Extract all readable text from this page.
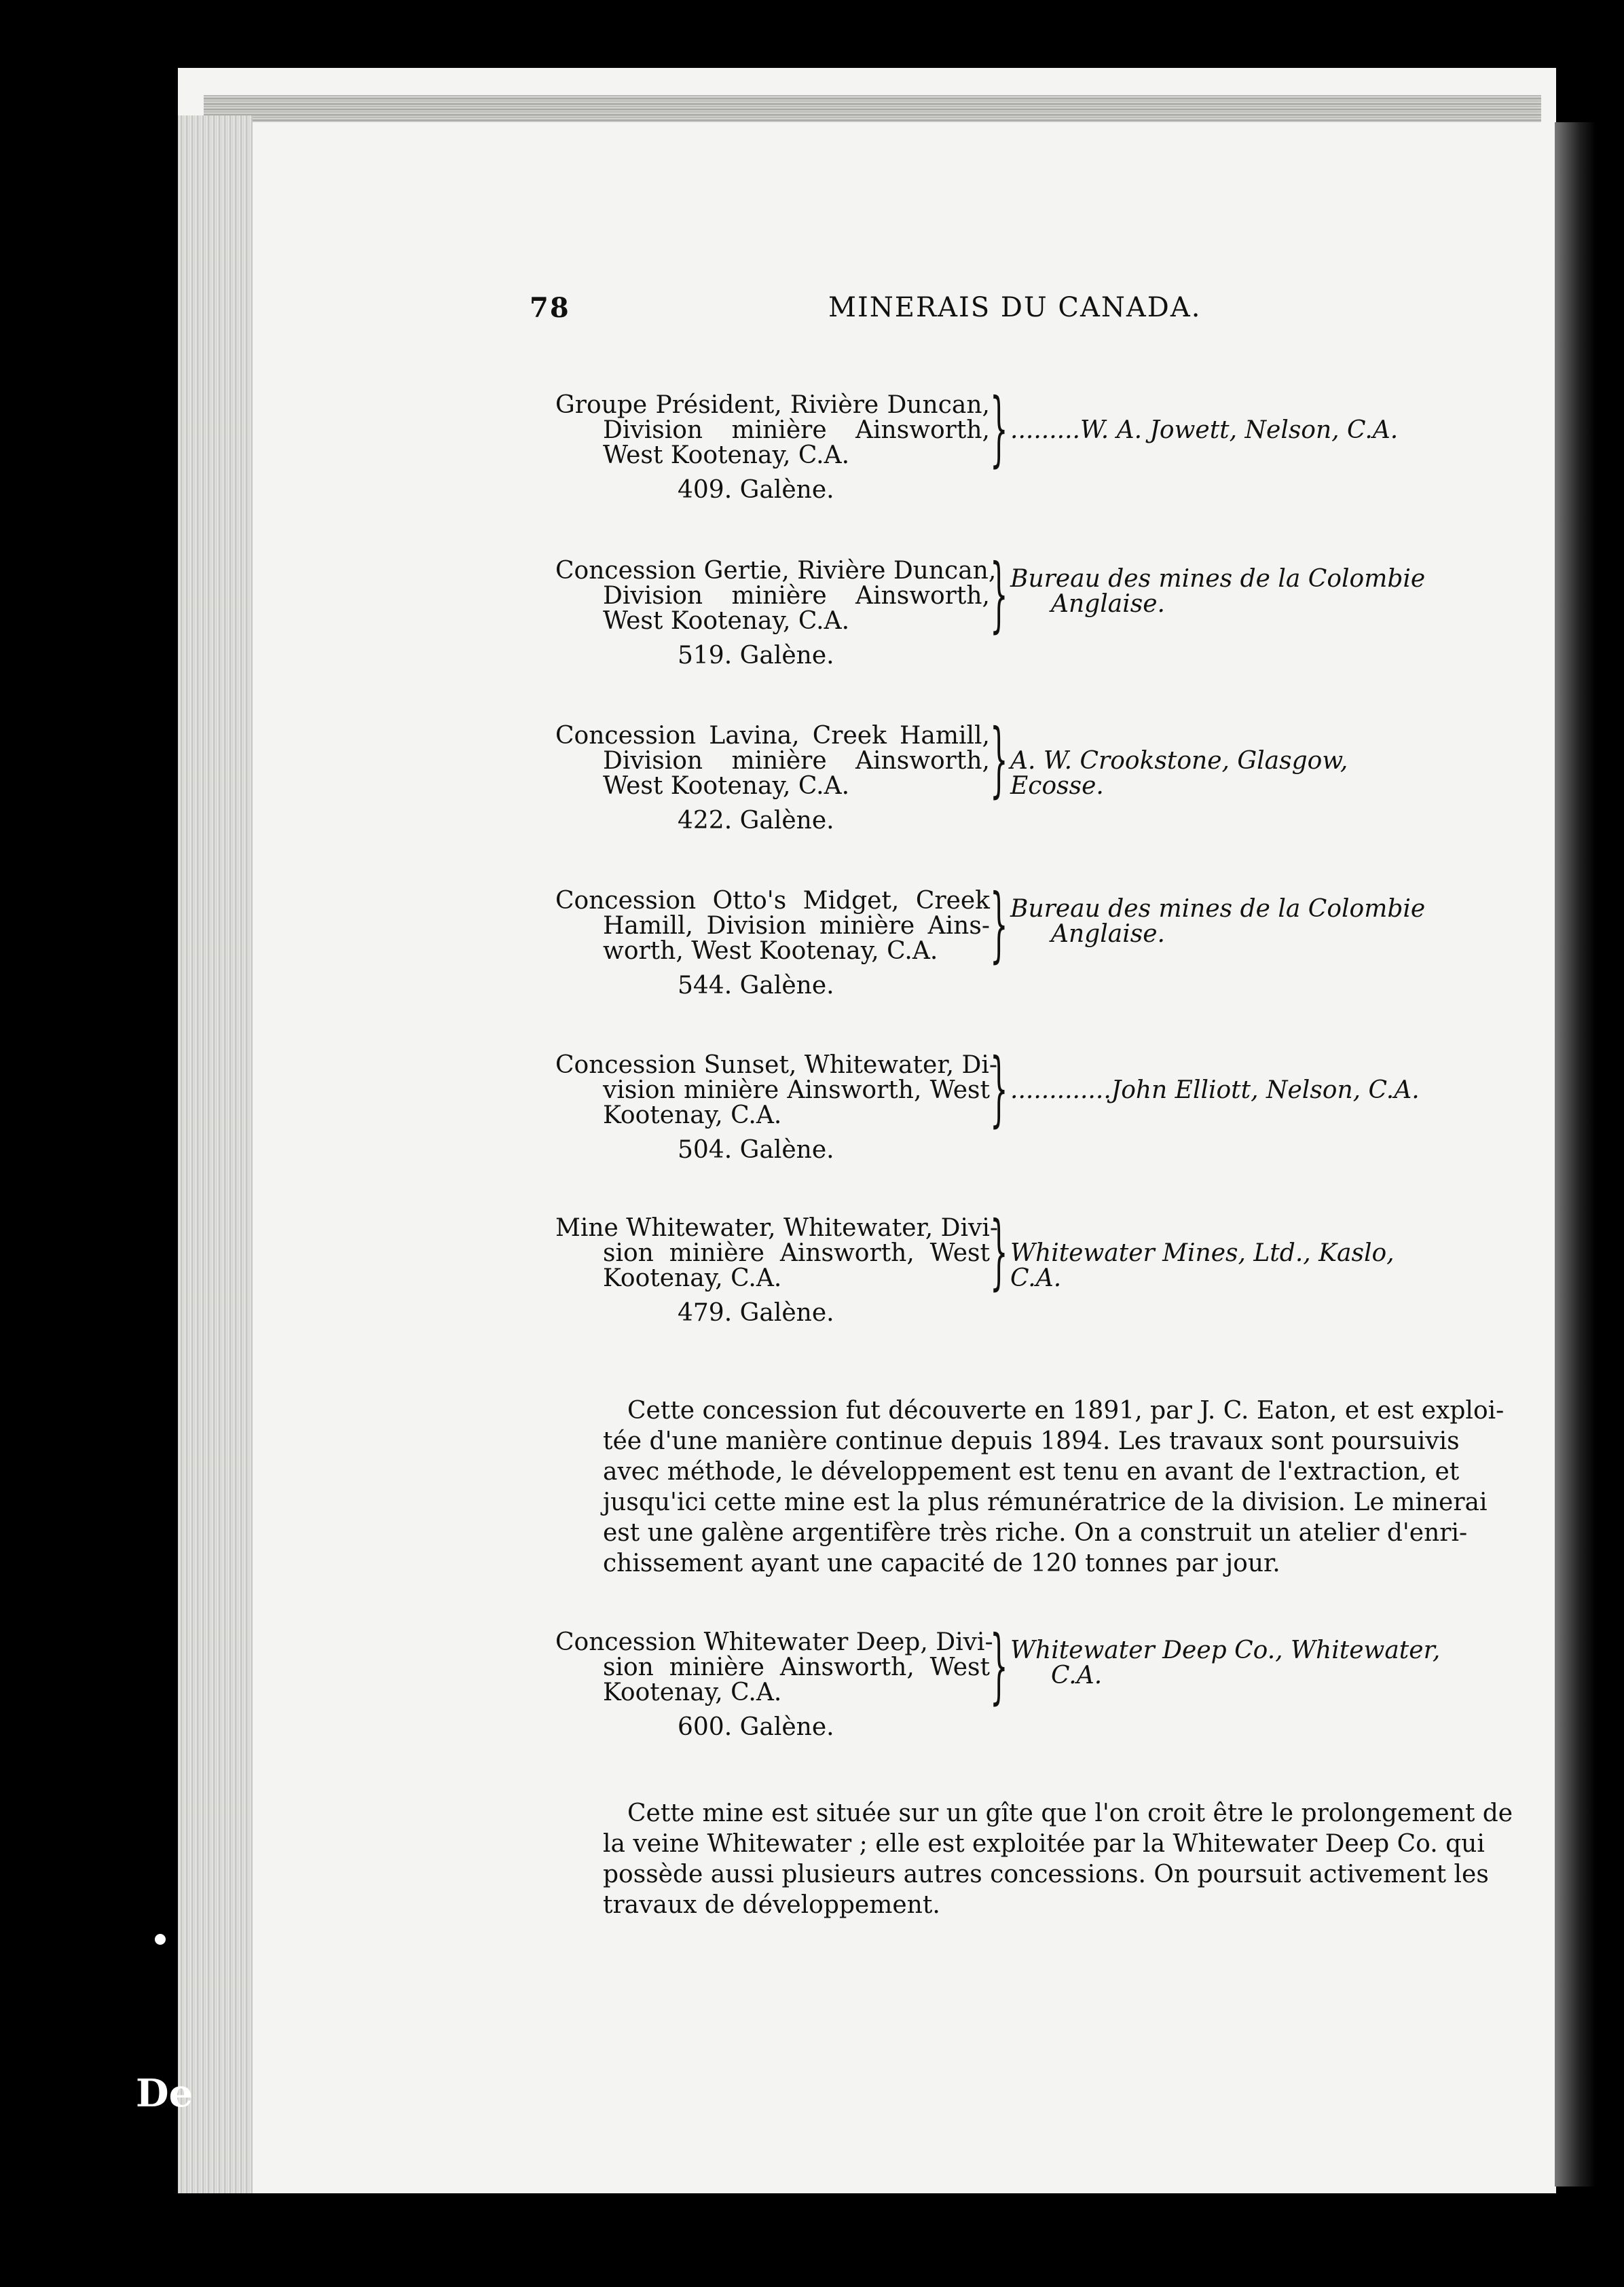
De
78	MINERAIS DU CANADA.
Groupe Président, Rivière Duncan,
Division minière Ainsworth,
West Kootenay, C.A.	} .........W. A. Jowett, Nelson, C.A.
409. Galène.
Concession Gertie, Rivière Duncan,
Division minière Ainsworth,
West Kootenay, C.A.	} Bureau des mines de la Colombie
Anglaise.
519. Galène.
Concession Lavina, Creek Hamill,
Division minière Ainsworth,
West Kootenay, C.A.	} A. W. Crookstone, Glasgow, Ecosse.
422. Galène.
Concession Otto's Midget, Creek
Hamill, Division minière Ains-
worth, West Kootenay, C.A. } Bureau des mines de la Colombie
Anglaise.
544. Galène.
Concession Sunset, Whitewater, Di-
vision minière Ainsworth, West
Kootenay, C.A.	} .............John Elliott, Nelson, C.A.
504. Galène.
Mine Whitewater, Whitewater, Divi-
sion minière Ainsworth, West
Kootenay, C.A.	} Whitewater Mines, Ltd., Kaslo, C.A.
479. Galène.
Cette concession fut découverte en 1891, par J. C. Eaton, et est exploi-
tée d'une manière continue depuis 1894. Les travaux sont poursuivis
avec méthode, le développement est tenu en avant de l'extraction, et
jusqu'ici cette mine est la plus rémunératrice de la division. Le minerai
est une galène argentifère très riche. On a construit un atelier d'enri-
chissement ayant une capacité de 120 tonnes par jour.
Concession Whitewater Deep, Divi-
sion minière Ainsworth, West
Kootenay, C.A.	} Whitewater Deep Co., Whitewater,
C.A.
600. Galène.
Cette mine est située sur un gîte que l'on croit être le prolongement de
la veine Whitewater ; elle est exploitée par la Whitewater Deep Co. qui
possède aussi plusieurs autres concessions. On poursuit activement les
travaux de développement.
